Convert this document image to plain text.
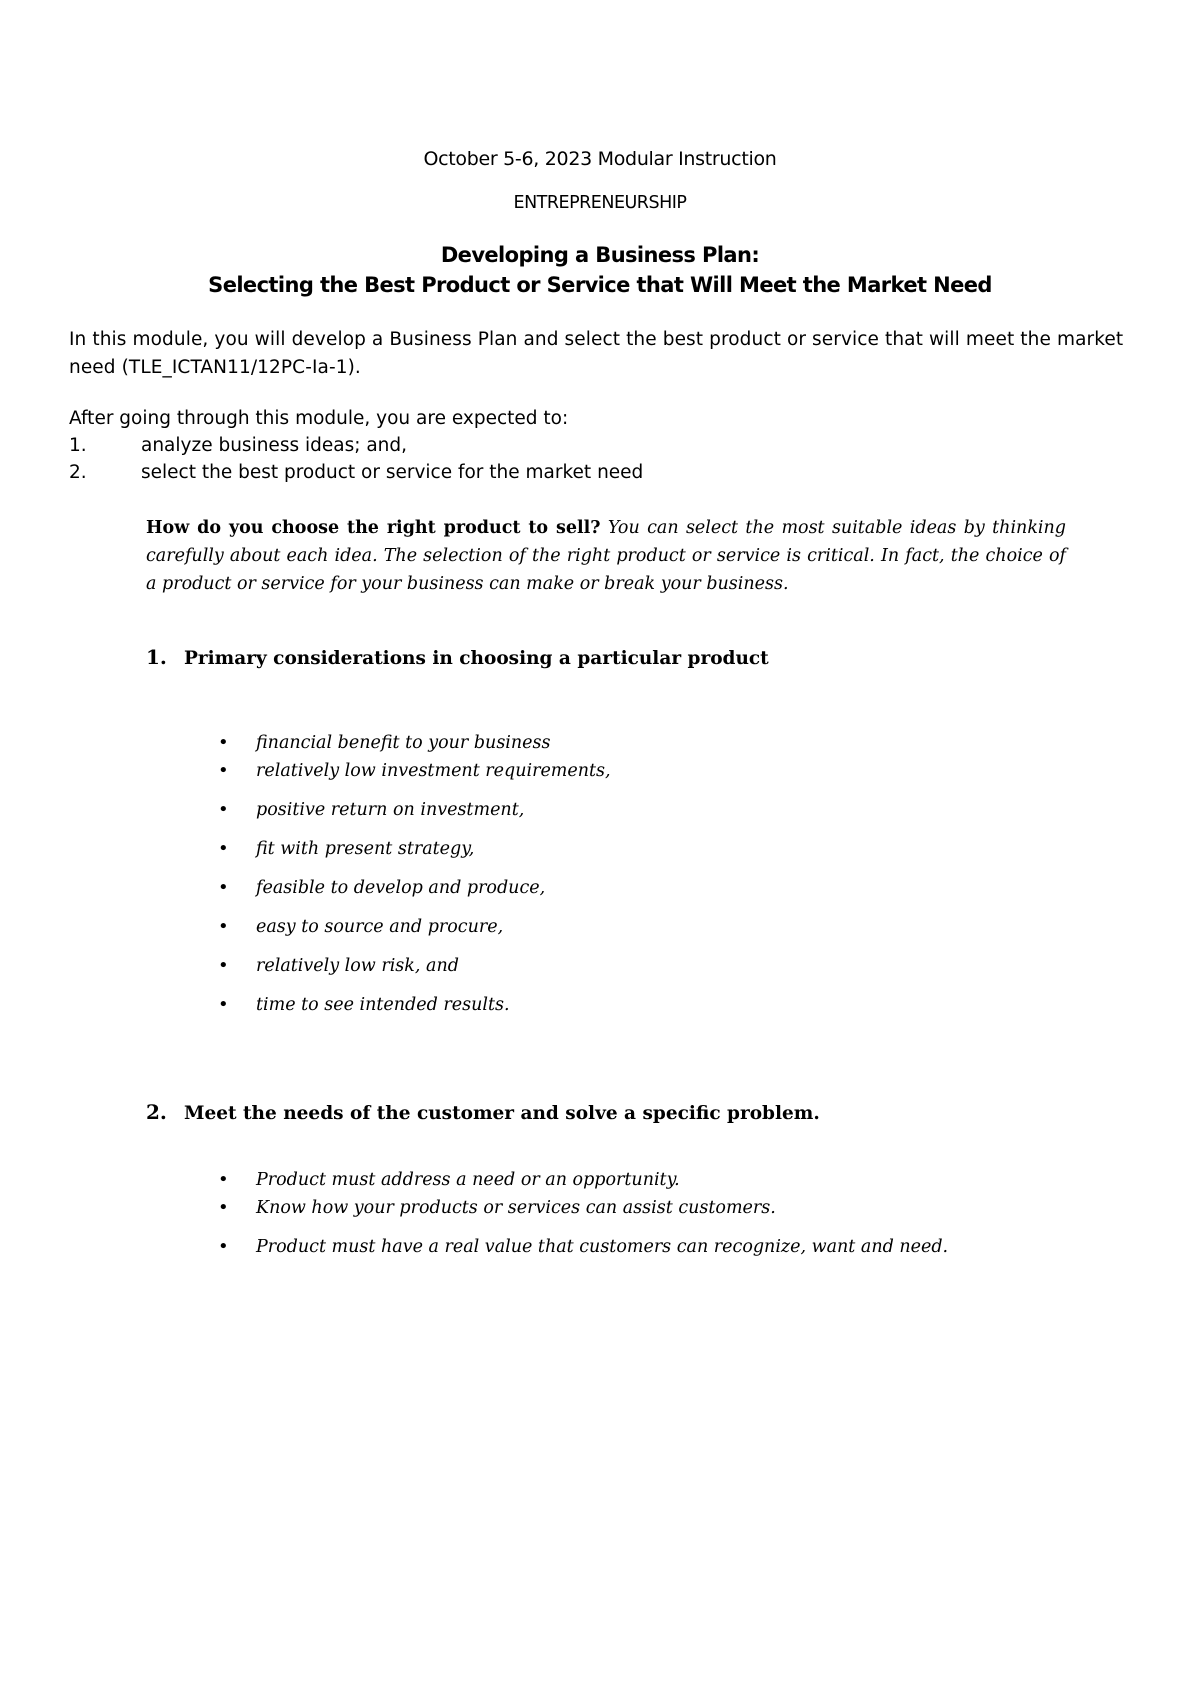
October 5-6, 2023 Modular Instruction
ENTREPRENEURSHIP
Developing a Business Plan:
Selecting the Best Product or Service that Will Meet the Market Need
In this module, you will develop a Business Plan and select the best product or service that will meet the market need (TLE_ICTAN11/12PC-Ia-1).
After going through this module, you are expected to:
1.	analyze business ideas; and,
2.	select the best product or service for the market need
How do you choose the right product to sell? You can select the most suitable ideas by thinking carefully about each idea. The selection of the right product or service is critical. In fact, the choice of a product or service for your business can make or break your business.
1. Primary considerations in choosing a particular product
• financial benefit to your business
• relatively low investment requirements,
• positive return on investment,
• fit with present strategy,
• feasible to develop and produce,
• easy to source and procure,
• relatively low risk, and
• time to see intended results.
2. Meet the needs of the customer and solve a specific problem.
• Product must address a need or an opportunity.
• Know how your products or services can assist customers.
• Product must have a real value that customers can recognize, want and need.
